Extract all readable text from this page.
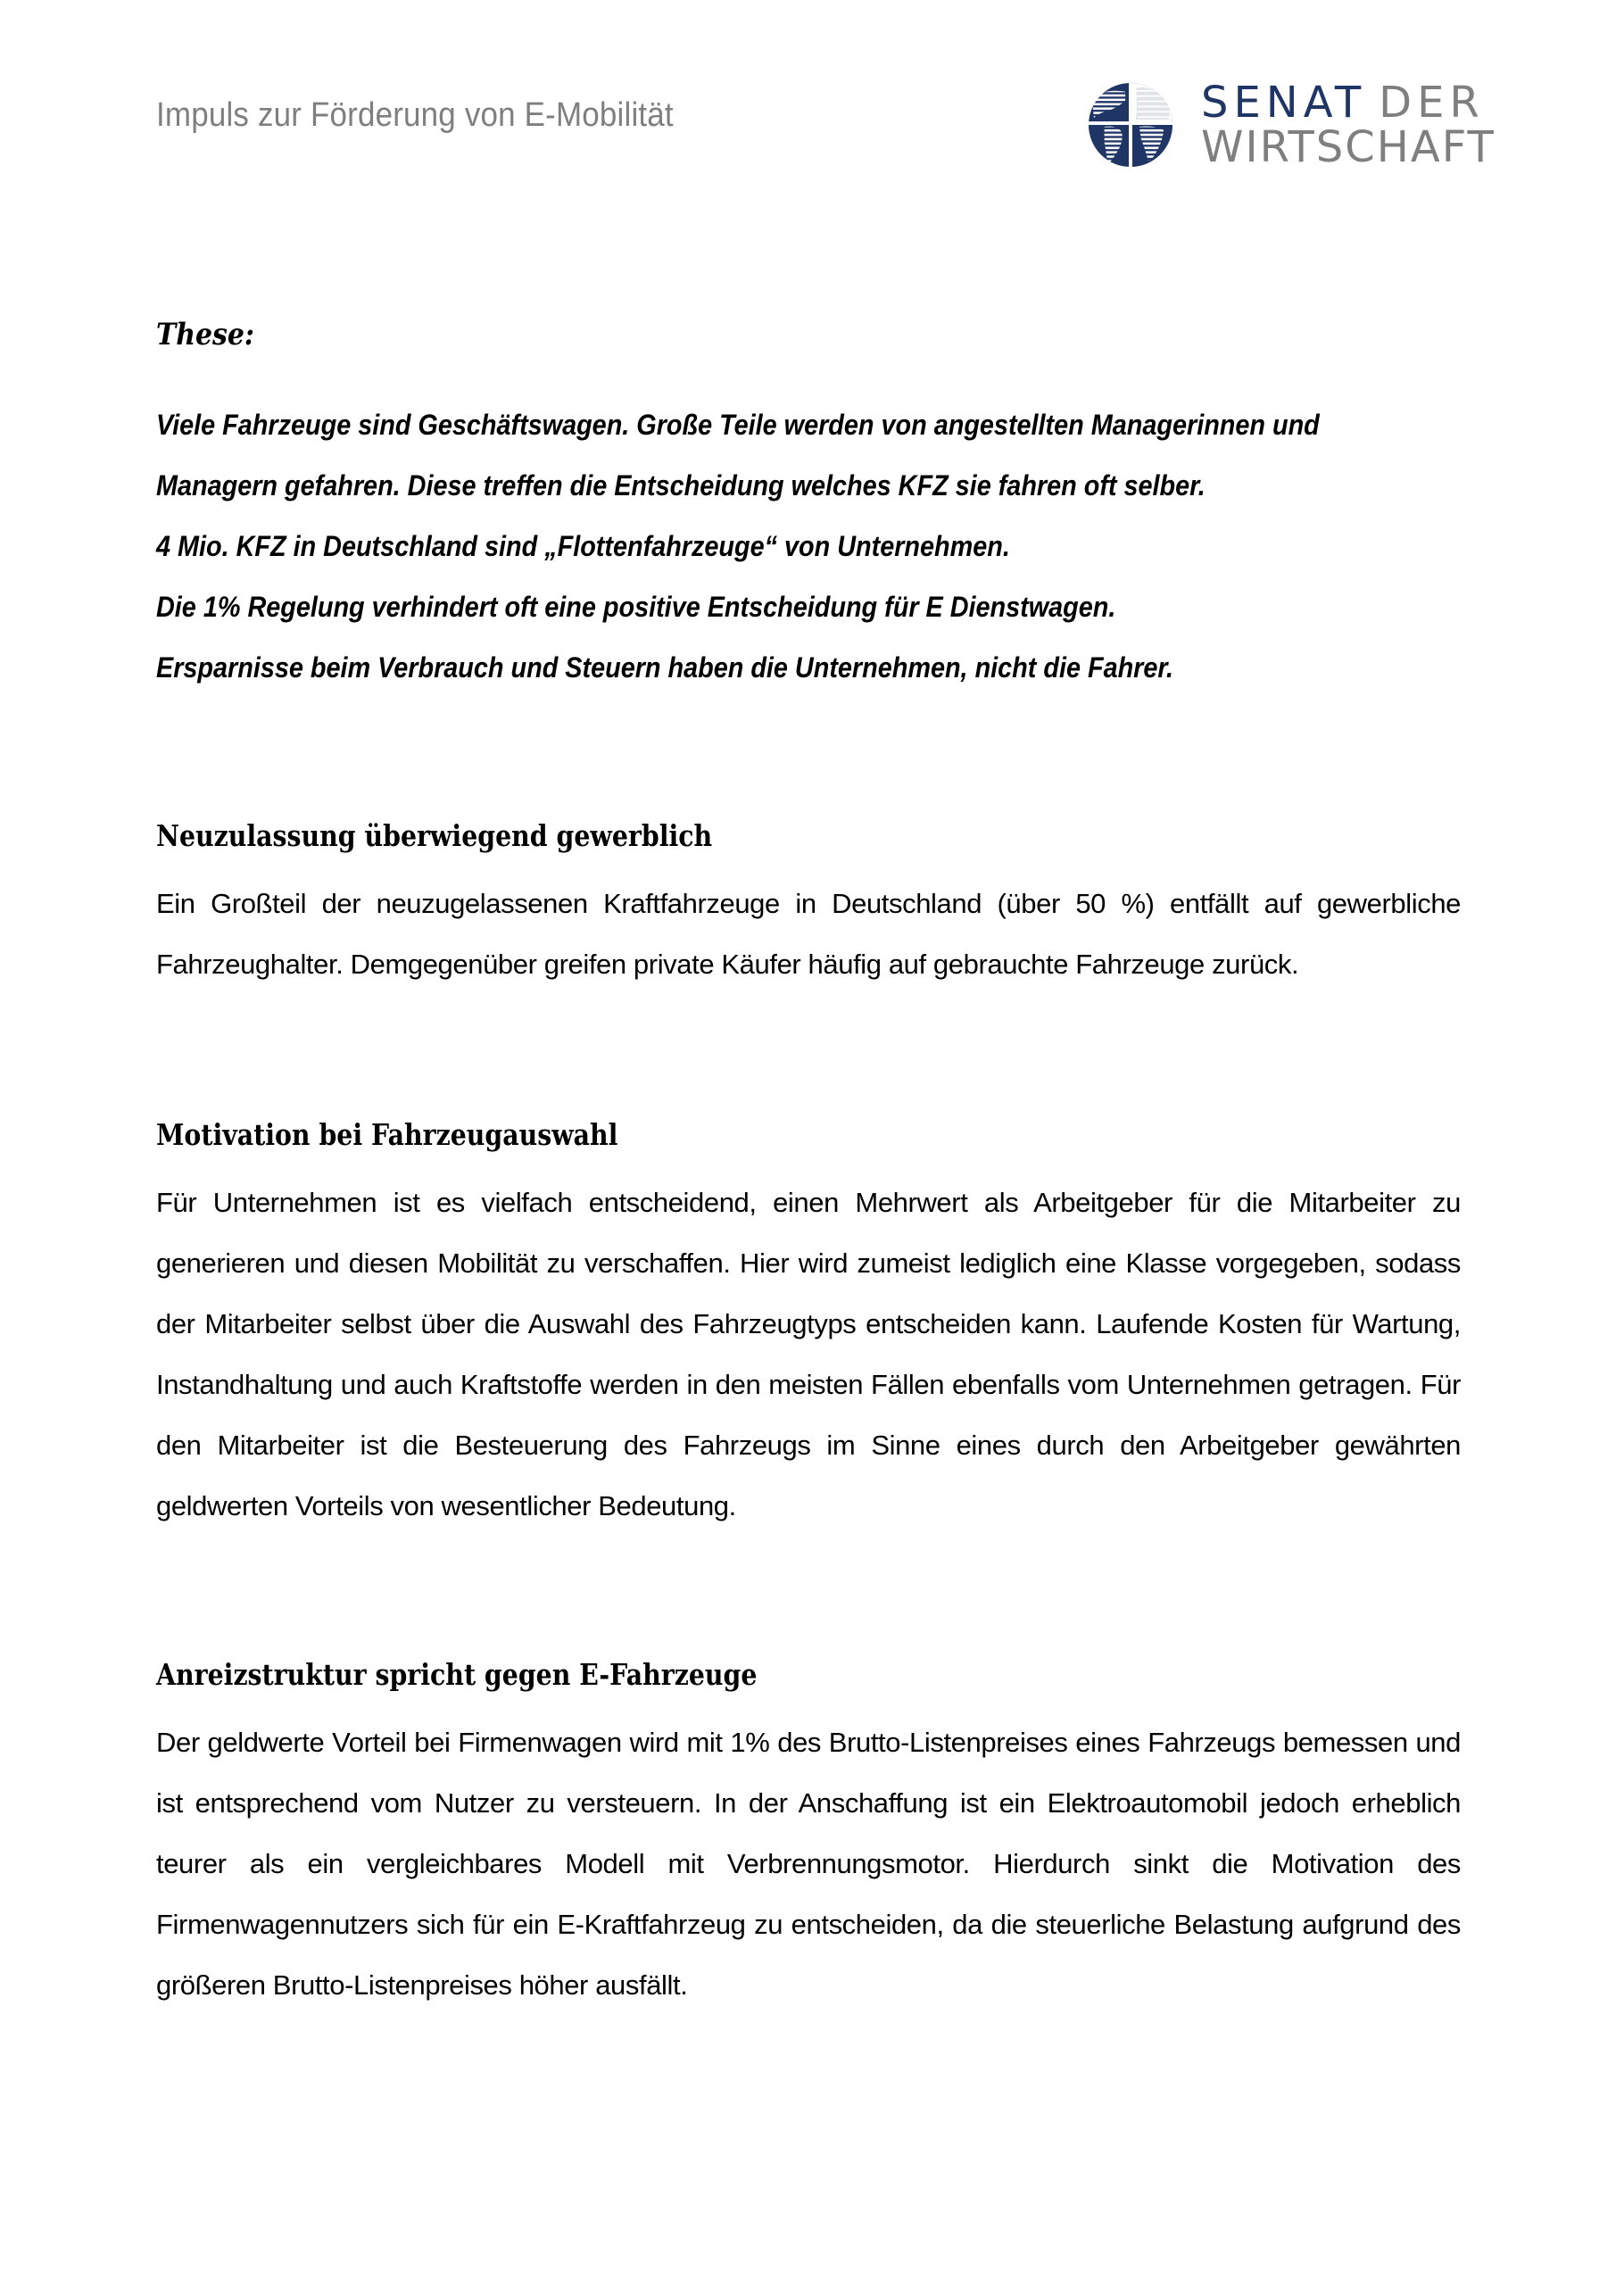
Impuls zur Förderung von E-Mobilität	SENAT DER
WIRTSCHAFT
These:
Viele Fahrzeuge sind Geschäftswagen. Große Teile werden von angestellten Managerinnen und
Managern gefahren. Diese treffen die Entscheidung welches KFZ sie fahren oft selber.
4 Mio. KFZ in Deutschland sind „Flottenfahrzeuge“ von Unternehmen.
Die 1% Regelung verhindert oft eine positive Entscheidung für E Dienstwagen.
Ersparnisse beim Verbrauch und Steuern haben die Unternehmen, nicht die Fahrer.
Neuzulassung überwiegend gewerblich

Ein Großteil der neuzugelassenen Kraftfahrzeuge in Deutschland (über 50 %) entfällt auf gewerbliche Fahrzeughalter. Demgegenüber greifen private Käufer häufig auf gebrauchte Fahrzeuge zurück.

Motivation bei Fahrzeugauswahl

Für Unternehmen ist es vielfach entscheidend, einen Mehrwert als Arbeitgeber für die Mitarbeiter zu generieren und diesen Mobilität zu verschaffen. Hier wird zumeist lediglich eine Klasse vorgegeben, sodass der Mitarbeiter selbst über die Auswahl des Fahrzeugtyps entscheiden kann. Laufende Kosten für Wartung, Instandhaltung und auch Kraftstoffe werden in den meisten Fällen ebenfalls vom Unternehmen getragen. Für den Mitarbeiter ist die Besteuerung des Fahrzeugs im Sinne eines durch den Arbeitgeber gewährten geldwerten Vorteils von wesentlicher Bedeutung.

Anreizstruktur spricht gegen E-Fahrzeuge

Der geldwerte Vorteil bei Firmenwagen wird mit 1% des Brutto-Listenpreises eines Fahrzeugs bemessen und ist entsprechend vom Nutzer zu versteuern. In der Anschaffung ist ein Elektroautomobil jedoch erheblich teurer als ein vergleichbares Modell mit Verbrennungsmotor. Hierdurch sinkt die Motivation des Firmenwagennutzers sich für ein E-Kraftfahrzeug zu entscheiden, da die steuerliche Belastung aufgrund des größeren Brutto-Listenpreises höher ausfällt.
